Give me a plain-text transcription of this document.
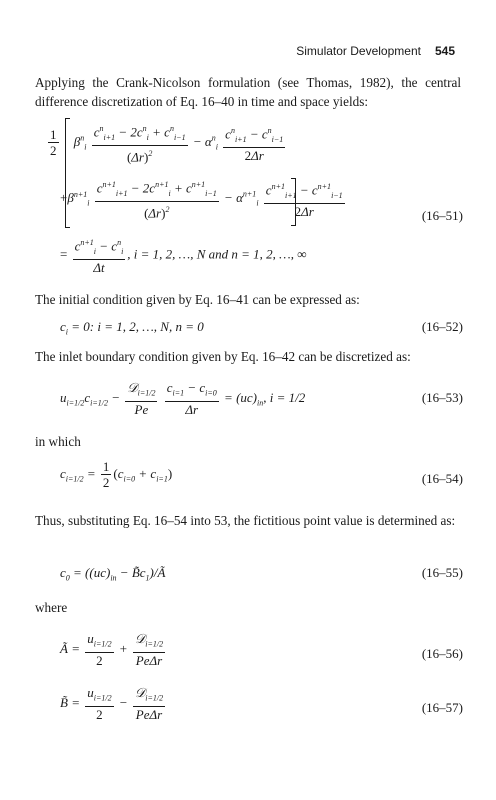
Simulator Development 545
Applying the Crank-Nicolson formulation (see Thomas, 1982), the central difference discretization of Eq. 16–40 in time and space yields:
$\frac{1}{2} \beta^n_i \frac{c^n_{i+1} - 2c^n_i + c^n_{i-1}}{(\Delta r)^2} - \alpha^n_i \frac{c^n_{i+1} - c^n_{i-1}}{2\Delta r}$
$+\beta^{n+1}_i \frac{c^{n+1}_{i+1} - 2c^{n+1}_i + c^{n+1}_{i-1}}{(\Delta r)^2} - \alpha^{n+1}_i \frac{c^{n+1}_{i+1} - c^{n+1}_{i-1}}{2\Delta r}$	(16–51)
= $\frac{c^{n+1}_i - c^n_i}{\Delta t}$ , i = 1, 2, …, N and n = 1, 2, …, ∞
The initial condition given by Eq. 16–41 can be expressed as:
$c_i = 0$: i = 1, 2, …, N, n = 0	(16–52)
The inlet boundary condition given by Eq. 16–42 can be discretized as:
$u_{i=1/2}c_{i=1/2} - \frac{𝒟_{i=1/2}}{Pe}$
$\frac{c_{i=1} - c_{i=0}}{\Delta r} = (uc)_{in}$, i = 1/2	(16–53)
in which
$c_{i=1/2} = \frac{1}{2} (c_{i=0} + c_{i=1})$	(16–54)
Thus, substituting Eq. 16–54 into 53, the fictitious point value is determined as:
$c_0 = ((uc)_{in}$ − $B̃c_1)/Ã$	(16–55)
where
Ã = $\frac{u_{i=1/2}}{2} + \frac{𝒟_{i=1/2}}{\text{PeΔr}}$	(16–56)
B̃ = $\frac{u_{i=1/2}}{2} - \frac{𝒟_{i=1/2}}{\text{PeΔr}}$	(16–57)
